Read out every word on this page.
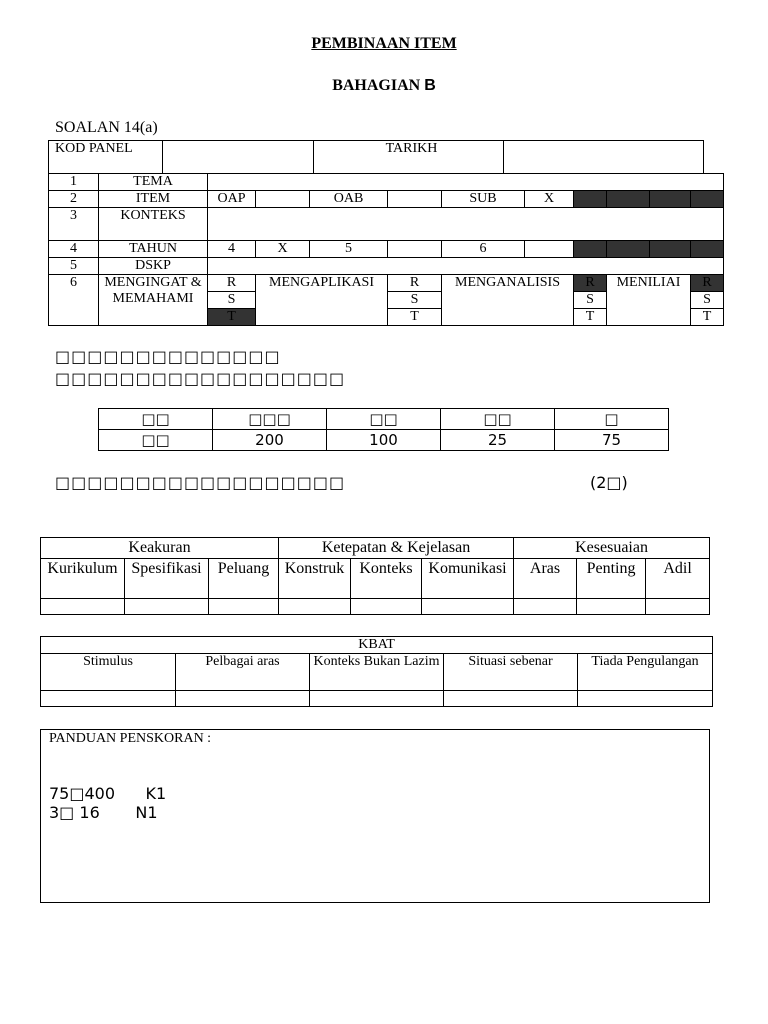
PEMBINAAN ITEM
BAHAGIAN B
SOALAN 14(a)
KOD PANEL		TARIKH	
1	TEMA										
2	ITEM	OAP		OAB		SUB	X				
3	KONTEKS										
4	TAHUN	4	X	5		6					
5	DSKP										
6	MENGINGAT & MEMAHAMI	R	MENGAPLIKASI		R	MENGANALISIS		R	MENILIAI		R
		S			S			S			S
		T			T			T			T
□□□□□□□□□□□□□□
□□□□□□□□□□□□□□□□□□
□□	□□□	□□	□□	□
□□	200	100	25	75
□□□□□□□□□□□□□□□□□□	(2□)
Keakuran			Ketepatan & Kejelasan			Kesesuaian		
Kurikulum	Spesifikasi	Peluang	Konstruk	Konteks	Komunikasi	Aras	Penting	Adil

KBAT				
Stimulus	Pelbagai aras	Konteks Bukan Lazim	Situasi sebenar	Tiada Pengulangan

PANDUAN PENSKORAN :
75□400      K1
3□ 16       N1
